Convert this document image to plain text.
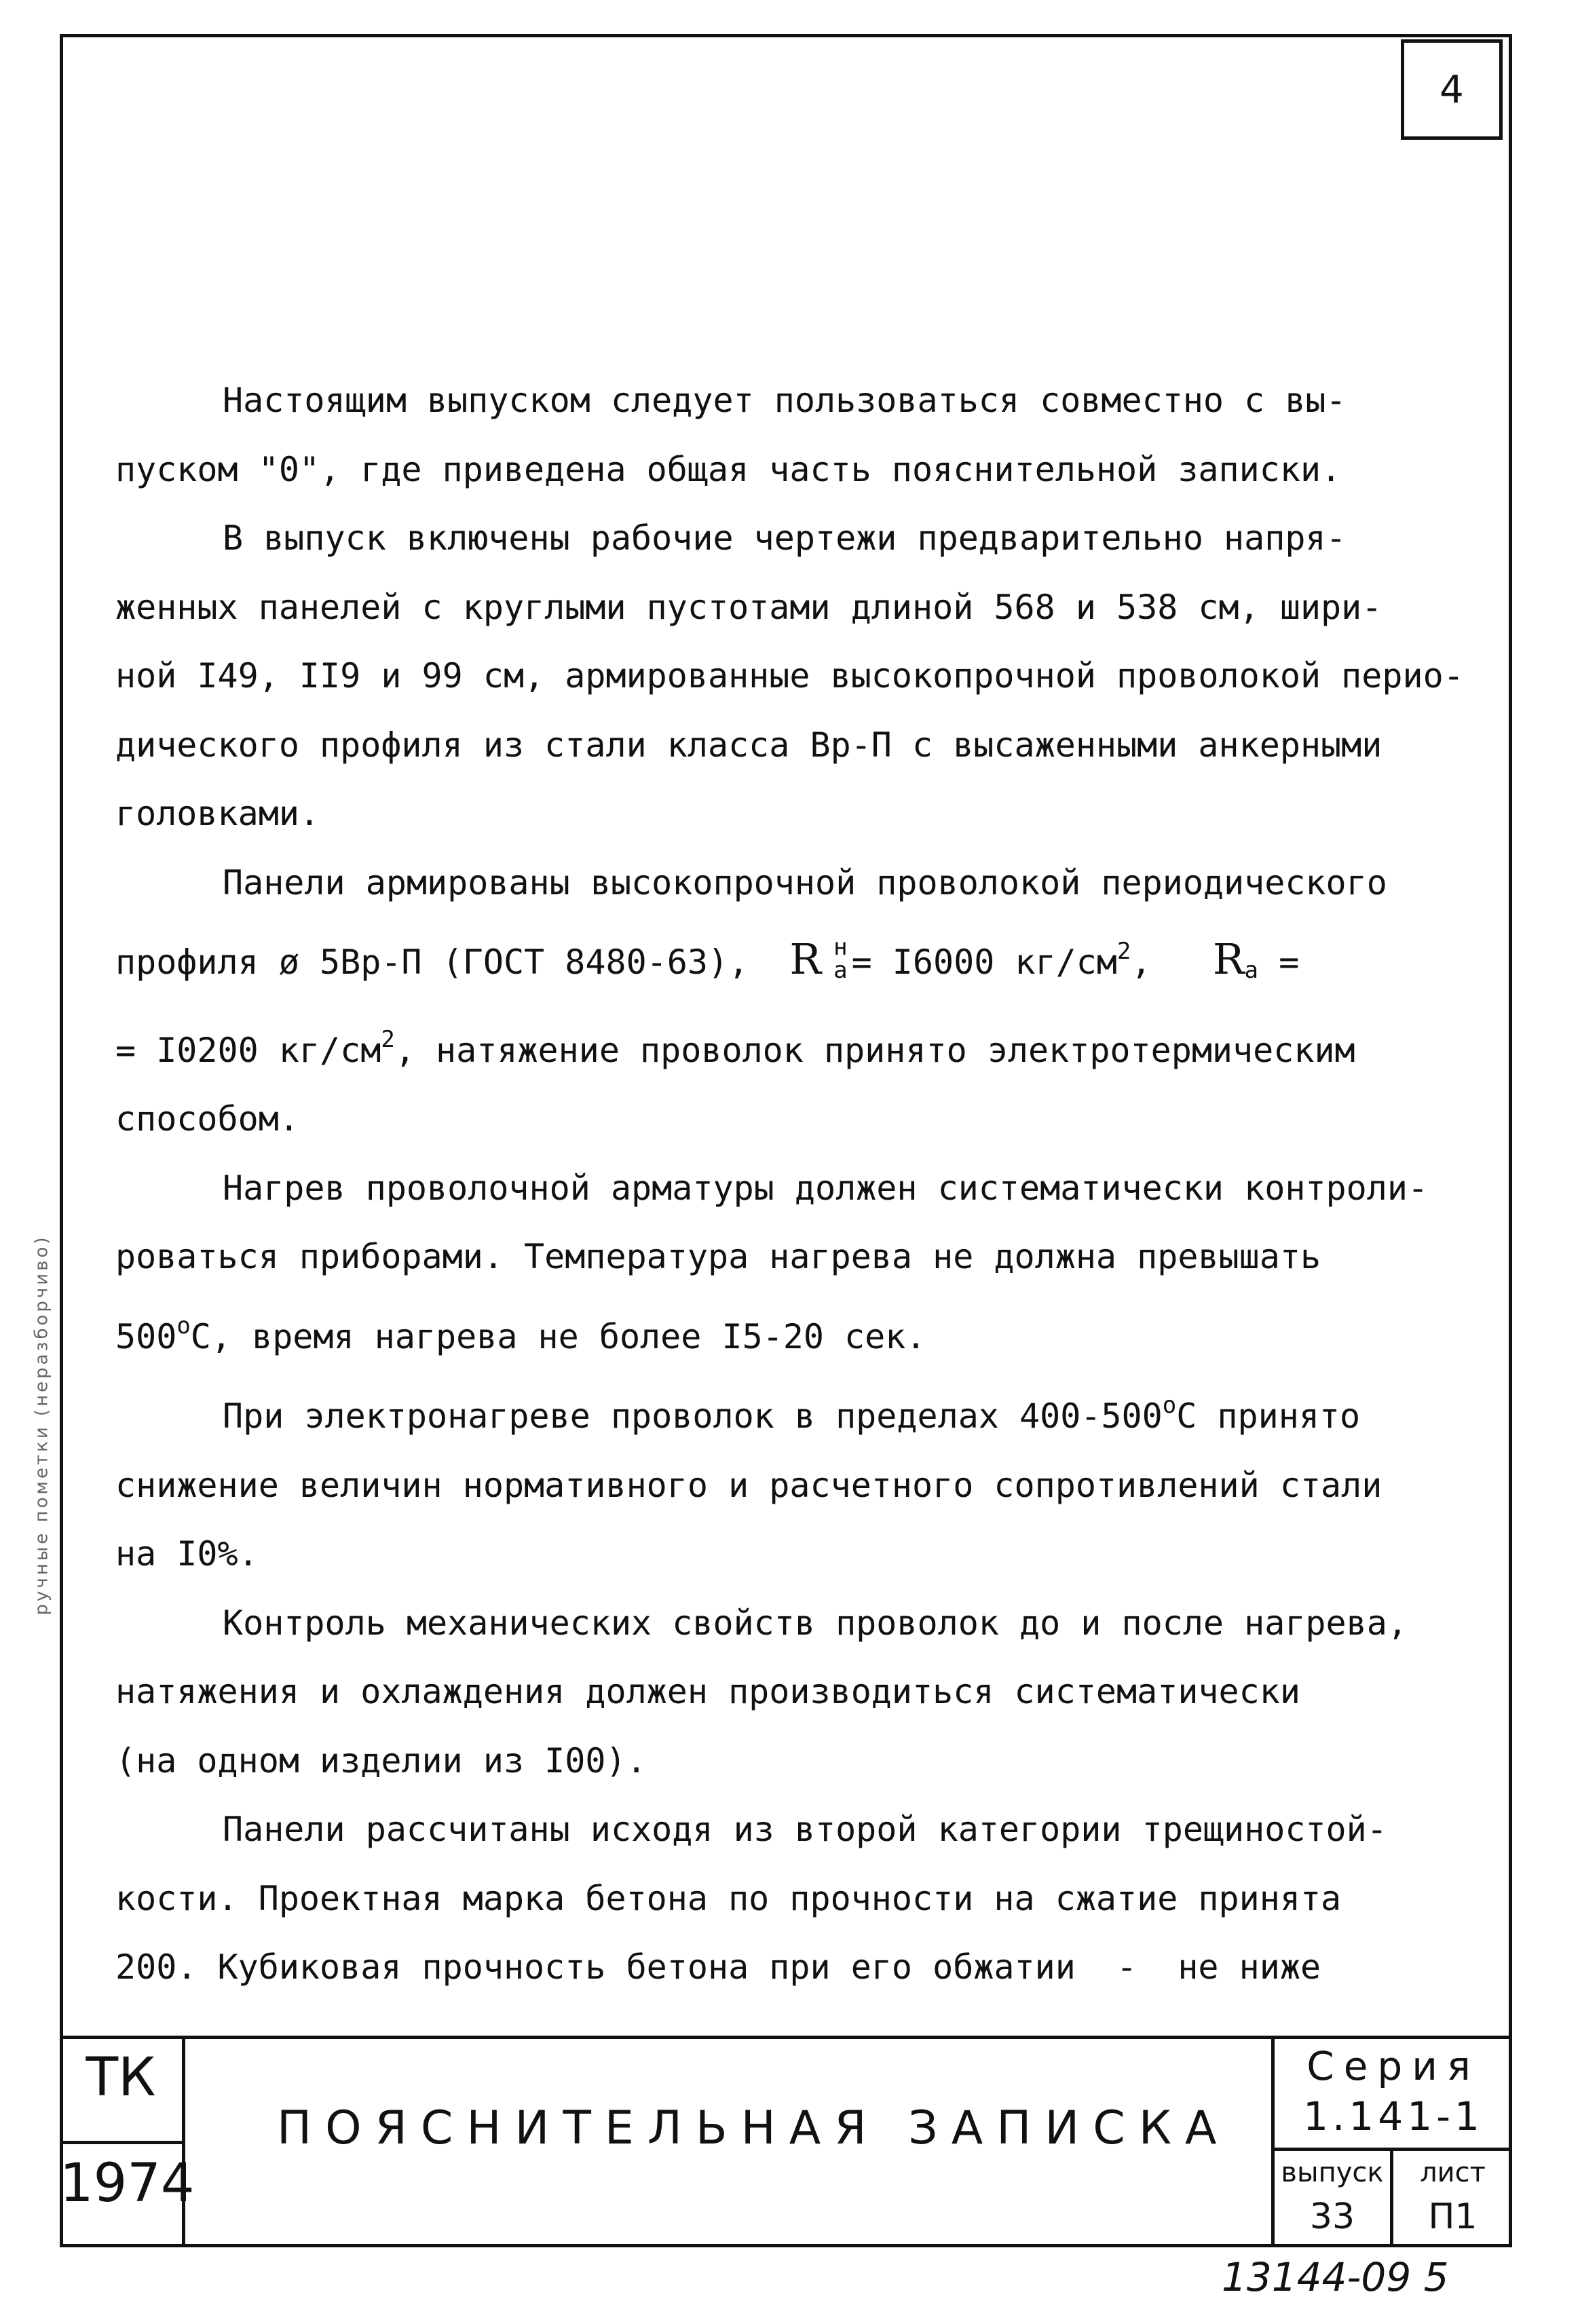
4
ручные пометки (неразборчиво)

Настоящим выпуском следует пользоваться совместно с вы-

пуском "0", где приведена общая часть пояснительной записки.

В выпуск включены рабочие чертежи предварительно напря-

женных панелей с круглыми пустотами длиной 568 и 538 см, шири-

ной I49, II9 и 99 см, армированные высокопрочной проволокой перио-

дического профиля из стали класса Вр-П с высаженными анкерными

головками.

Панели армированы высокопрочной проволокой периодического

профиля ø 5Вр-П (ГОСТ 8480-63), R н
а = I6000 $кг/см^2$, $R_а$ =

= I0200 $кг/см^2$, натяжение проволок принято электротермическим

способом.

Нагрев проволочной арматуры должен систематически контроли-

роваться приборами. Температура нагрева не должна превышать

$500^оС$, время нагрева не более I5-20 сек.

При электронагреве проволок в пределах $400-500^оС$ принято

снижение величин нормативного и расчетного сопротивлений стали

на I0%.

Контроль механических свойств проволок до и после нагрева,

натяжения и охлаждения должен производиться систематически

(на одном изделии из I00).

Панели рассчитаны исходя из второй категории трещиностой-

кости. Проектная марка бетона по прочности на сжатие принята

200. Кубиковая прочность бетона при его обжатии  -  не ниже

ТК
1974
ПОЯСНИТЕЛЬНАЯ ЗАПИСКА
Серия
1.141-1
выпуск
33
лист
П1
13144-09 5
